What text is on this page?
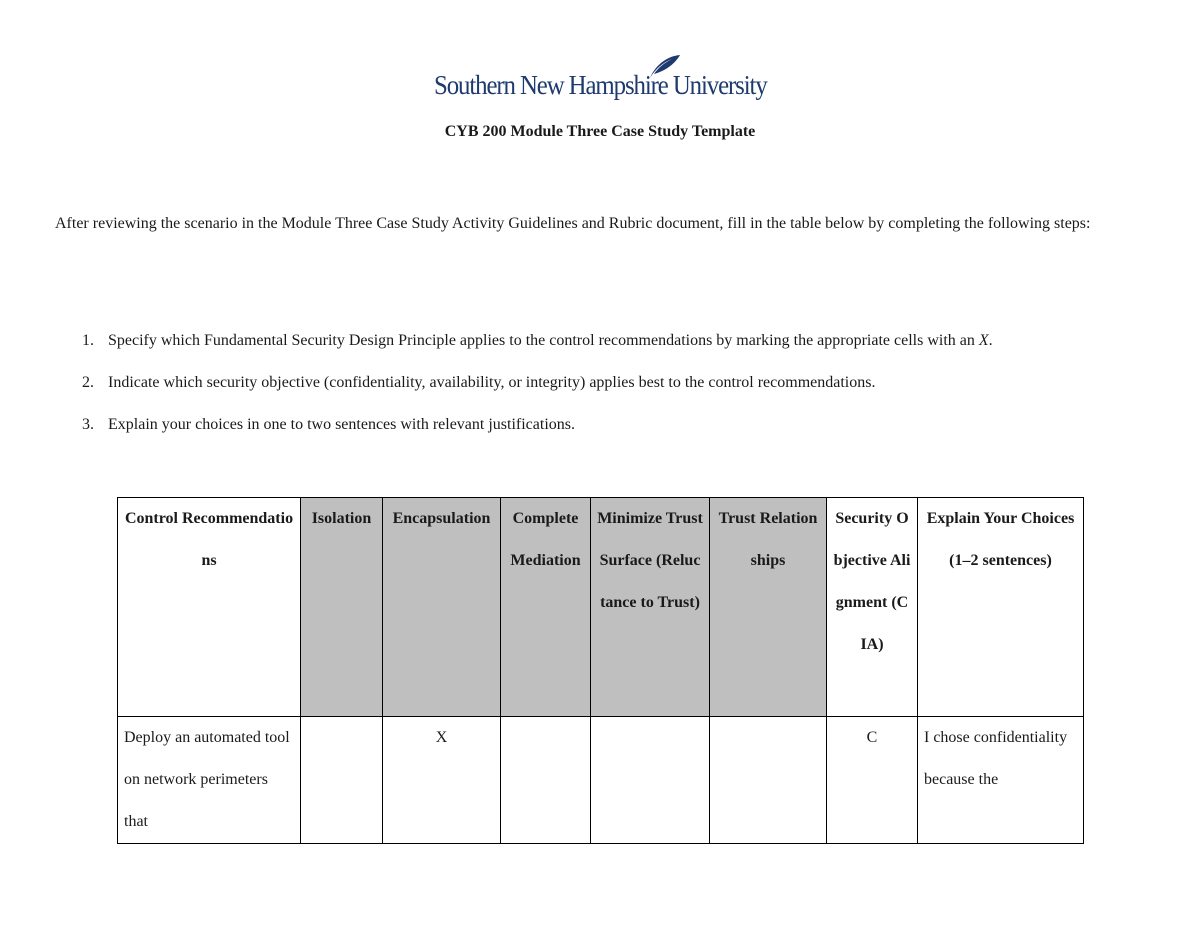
Southern New Hampshire University
CYB 200 Module Three Case Study Template

After reviewing the scenario in the Module Three Case Study Activity Guidelines and Rubric document, fill in the table below by completing the following steps:

1. Specify which Fundamental Security Design Principle applies to the control recommendations by marking the appropriate cells with an X.
2. Indicate which security objective (confidentiality, availability, or integrity) applies best to the control recommendations.
3. Explain your choices in one to two sentences with relevant justifications.
Control Recommendations	Isolation	Encapsulation	Complete Mediation	Minimize Trust Surface (Reluctance to Trust)	Trust Relationships	Security Objective Alignment (CIA)	Explain Your Choices
(1–2 sentences)

Deploy an automated tool on network perimeters that		X				C	I chose confidentiality because the
